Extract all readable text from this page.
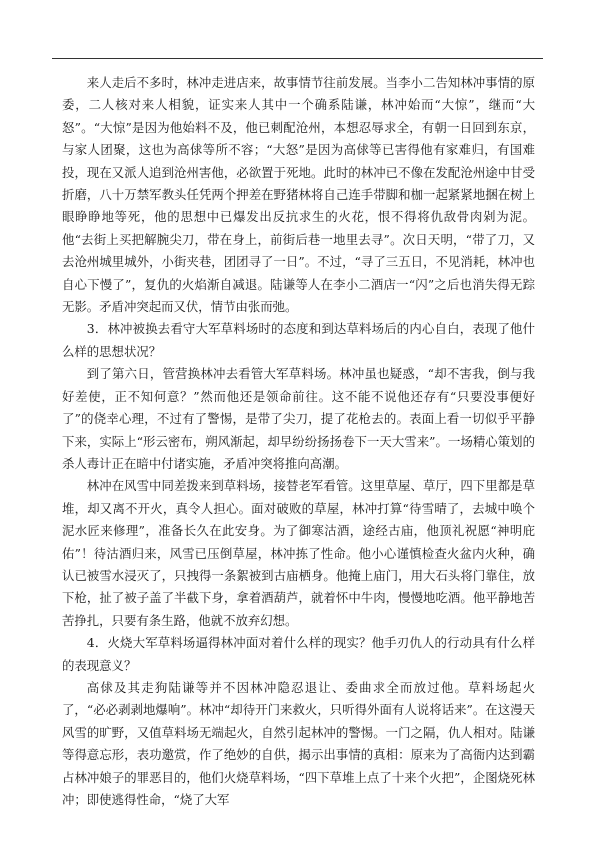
来人走后不多时，林冲走进店来，故事情节往前发展。当李小二告知林冲事情的原委，二人核对来人相貌，证实来人其中一个确系陆谦，林冲始而“大惊”，继而“大怒”。“大惊”是因为他始料不及，他已刺配沧州，本想忍辱求全，有朝一日回到东京，与家人团聚，这也为高俅等所不容；“大怒”是因为高俅等已害得他有家难归，有国难投，现在又派人追到沧州害他，必欲置于死地。此时的林冲已不像在发配沧州途中甘受折磨，八十万禁军教头任凭两个押差在野猪林将自己连手带脚和枷一起紧紧地捆在树上眼睁睁地等死，他的思想中已爆发出反抗求生的火花，恨不得将仇敌骨肉剁为泥。他“去街上买把解腕尖刀，带在身上，前街后巷一地里去寻”。次日天明，“带了刀，又去沧州城里城外，小街夹巷，团团寻了一日”。不过，“寻了三五日，不见消耗，林冲也自心下慢了”，复仇的火焰渐自减退。陆谦等人在李小二酒店一“闪”之后也消失得无踪无影。矛盾冲突起而又伏，情节由张而弛。

3．林冲被换去看守大军草料场时的态度和到达草料场后的内心自白，表现了他什么样的思想状况？

到了第六日，管营换林冲去看管大军草料场。林冲虽也疑惑，“却不害我，倒与我好差使，正不知何意？”然而他还是领命前往。这不能不说他还存有“只要没事便好了”的侥幸心理，不过有了警惕，是带了尖刀，提了花枪去的。表面上看一切似乎平静下来，实际上“形云密布，朔风渐起，却早纷纷扬扬卷下一天大雪来”。一场精心策划的杀人毒计正在暗中付诸实施，矛盾冲突将推向高潮。

林冲在风雪中同差拨来到草料场，接替老军看管。这里草屋、草厅，四下里都是草堆，却又离不开火，真令人担心。面对破败的草屋，林冲打算“待雪晴了，去城中唤个泥水匠来修理”，准备长久在此安身。为了御寒沽酒，途经古庙，他顶礼祝愿“神明庇佑”！待沽酒归来，风雪已压倒草屋，林冲拣了性命。他小心谨慎检查火盆内火种，确认已被雪水浸灭了，只拽得一条絮被到古庙栖身。他掩上庙门，用大石头将门靠住，放下枪，扯了被子盖了半截下身，拿着酒葫芦，就着怀中牛肉，慢慢地吃酒。他平静地苦苦挣扎，只要有条生路，他就不放弃幻想。

4．火烧大军草料场逼得林冲面对着什么样的现实？他手刃仇人的行动具有什么样的表现意义？

高俅及其走狗陆谦等并不因林冲隐忍退让、委曲求全而放过他。草料场起火了，“必必剥剥地爆响”。林冲“却待开门来救火，只听得外面有人说将话来”。在这漫天风雪的旷野，又值草料场无端起火，自然引起林冲的警惕。一门之隔，仇人相对。陆谦等得意忘形，表功邀赏，作了绝妙的自供，揭示出事情的真相：原来为了高衙内达到霸占林冲娘子的罪恶目的，他们火烧草料场，“四下草堆上点了十来个火把”，企图烧死林冲；即使逃得性命，“烧了大军
